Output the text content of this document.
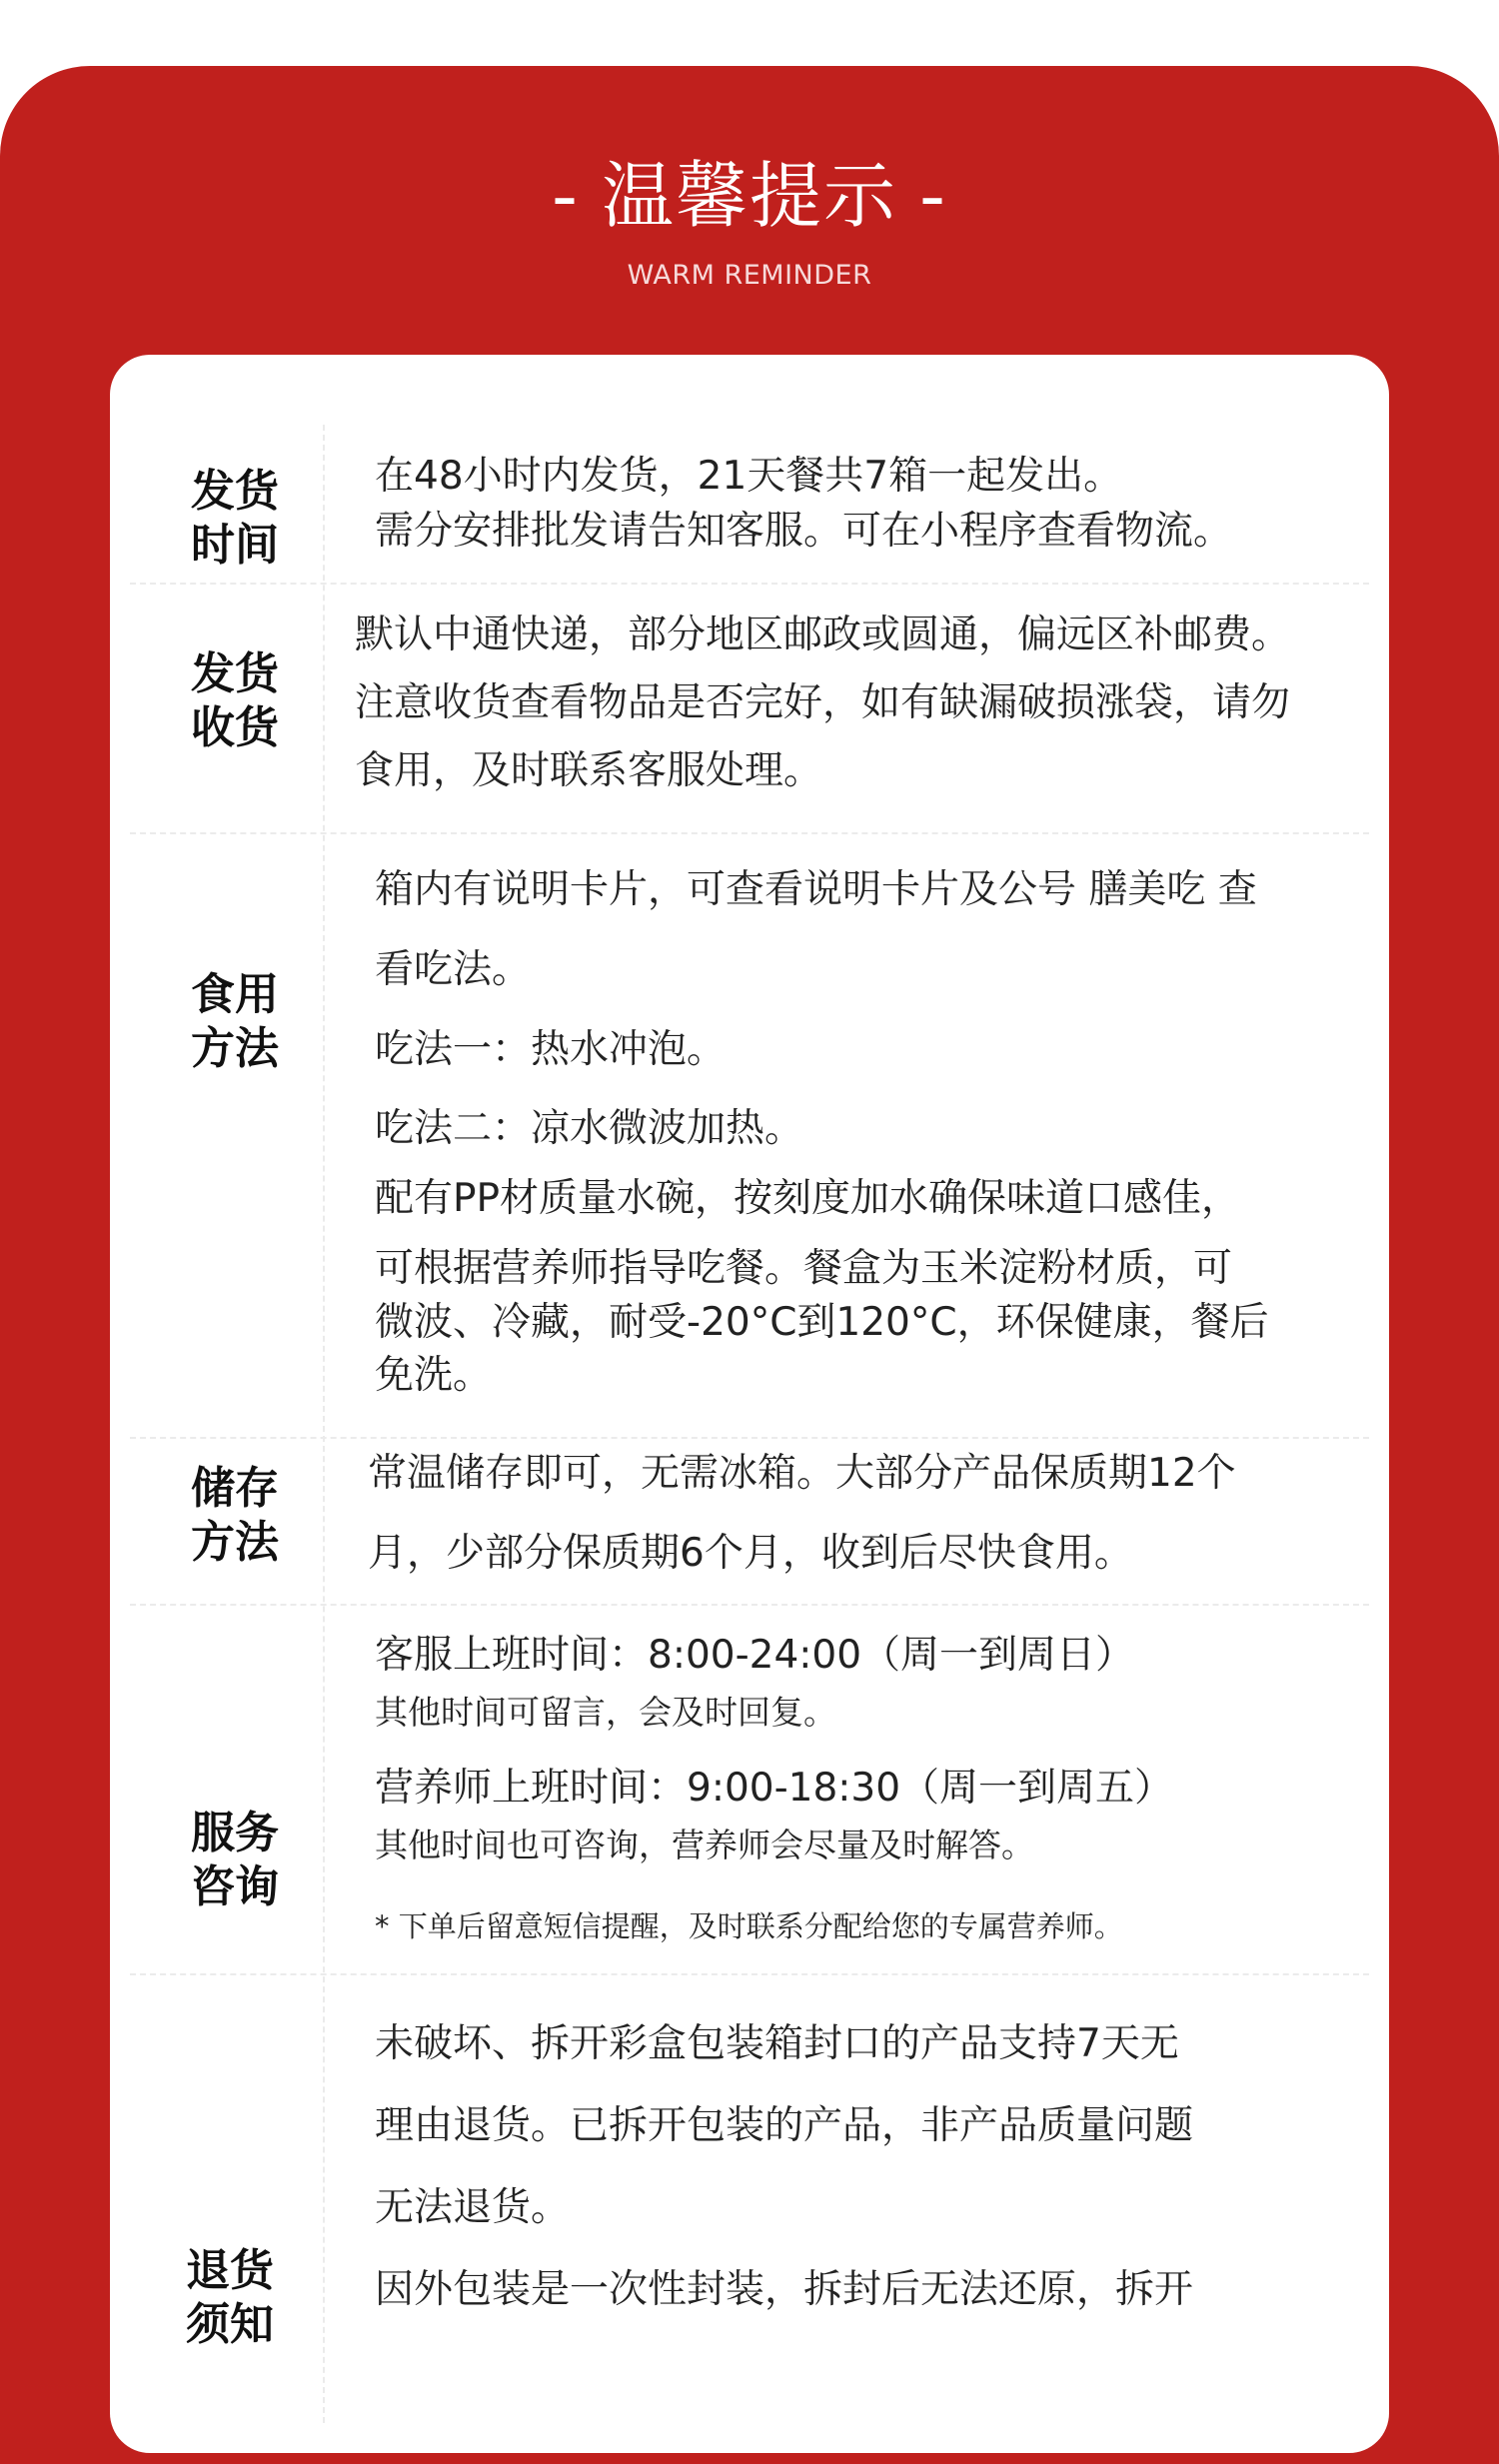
- 温馨提示 -
WARM REMINDER
发货
时间
在48小时内发货，21天餐共7箱一起发出。
需分安排批发请告知客服。可在小程序查看物流。
发货
收货
默认中通快递，部分地区邮政或圆通，偏远区补邮费。
注意收货查看物品是否完好，如有缺漏破损涨袋，请勿
食用，及时联系客服处理。
食用
方法
箱内有说明卡片，可查看说明卡片及公号 膳美吃 查
看吃法。
吃法一：热水冲泡。
吃法二：凉水微波加热。
配有PP材质量水碗，按刻度加水确保味道口感佳，
可根据营养师指导吃餐。餐盒为玉米淀粉材质，可
微波、冷藏，耐受-20°C到120°C，环保健康，餐后
免洗。
储存
方法
常温储存即可，无需冰箱。大部分产品保质期12个
月，少部分保质期6个月，收到后尽快食用。
服务
咨询
客服上班时间：8:00-24:00（周一到周日）
其他时间可留言，会及时回复。
营养师上班时间：9:00-18:30（周一到周五）
其他时间也可咨询，营养师会尽量及时解答。
* 下单后留意短信提醒，及时联系分配给您的专属营养师。
退货
须知
未破坏、拆开彩盒包装箱封口的产品支持7天无
理由退货。已拆开包装的产品，非产品质量问题
无法退货。
因外包装是一次性封装，拆封后无法还原，拆开
